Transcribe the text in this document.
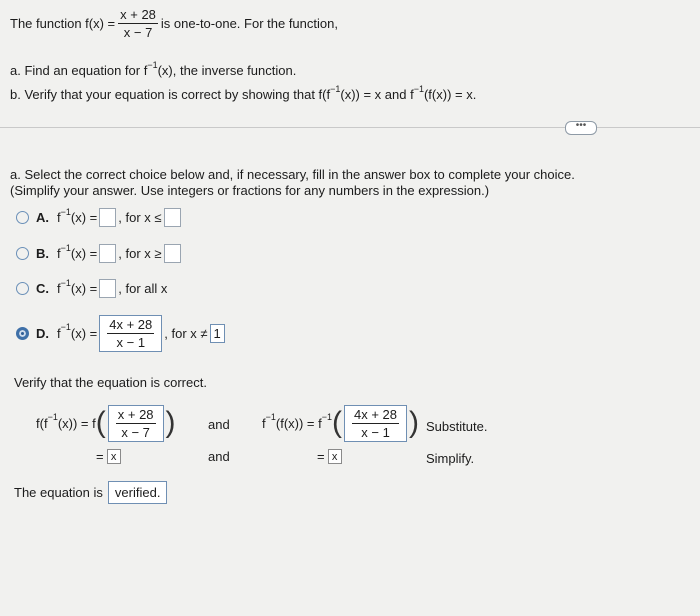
The function $f(x) = \frac{x + 28}{x - 7}$ is one-to-one. For the function,
a. Find an equation for f −1 (x), the inverse function.
b. Verify that your equation is correct by showing that f(f −1 (x)) = x and f −1 (f(x)) = x.
•••
a. Select the correct choice below and, if necessary, fill in the answer box to complete your choice.
(Simplify your answer. Use integers or fractions for any numbers in the expression.)
A. f −1 (x) = , for x ≤
B. f −1 (x) = , for x ≥
C. f −1 (x) = , for all x
D. f −1 $(x) = \frac{4x + 28}{x - 1}$ , for x ≠ 1
Verify that the equation is correct.
f(f −1 (x)) = f ( $\frac{x + 28}{x - 7}$ ) and f −1 (f(x)) = f −1 ( $\frac{4x + 28}{x - 1}$ ) Substitute.
= x	and	= x	Simplify.
The equation is verified.
